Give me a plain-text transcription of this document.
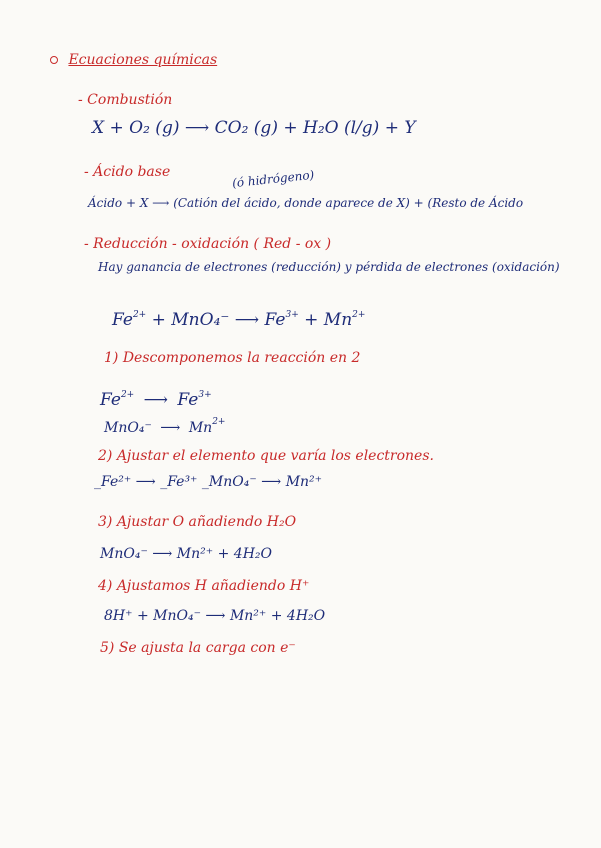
Ecuaciones químicas
- Combustión
X + O₂ (g) ⟶ CO₂ (g) + H₂O (l/g) + Y
- Ácido base	(ó hidrógeno)
Ácido + X ⟶ (Catión del ácido, donde aparece de X) + (Resto de Ácido
- Reducción - oxidación ( Red - ox )
Hay ganancia de electrones (reducción) y pérdida de electrones (oxidación)
$Fe^{2+} + MnO_4^-$ ⟶ $Fe^{3+} + Mn^{2+}$
1) Descomponemos la reacción en 2
$Fe^{2+}$ ⟶ $Fe^{3+}$
MnO₄⁻ ⟶ $Mn^{2+}$
2) Ajustar el elemento que varía los electrones.
_Fe²⁺ ⟶ _Fe³⁺ _MnO₄⁻ ⟶ Mn²⁺
3) Ajustar O añadiendo H₂O
MnO₄⁻ ⟶ Mn²⁺ + 4H₂O
4) Ajustamos H añadiendo H⁺
8H⁺ + MnO₄⁻ ⟶ Mn²⁺ + 4H₂O
5) Se ajusta la carga con e⁻
